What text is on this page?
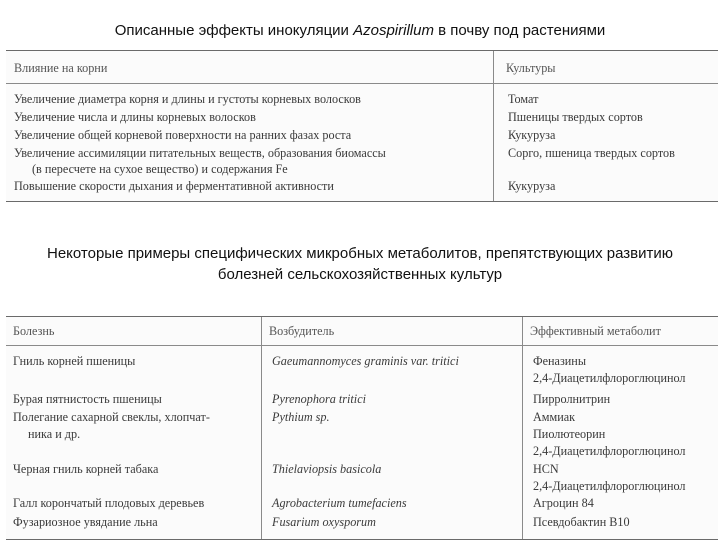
Описанные эффекты инокуляции Azospirillum в почву под растениями
Влияние на корни
Увеличение диаметра корня и длины и густоты корневых волосков
Увеличение числа и длины корневых волосков
Увеличение общей корневой поверхности на ранних фазах роста
Увеличение ассимиляции питательных веществ, образования биомассы
(в пересчете на сухое вещество) и содержания Fe
Повышение скорости дыхания и ферментативной активности
Культуры
Томат
Пшеницы твердых сортов
Кукуруза
Сорго, пшеница твердых сортов
Кукуруза
Некоторые примеры специфических микробных метаболитов, препятствующих развитию
болезней сельскохозяйственных культур
Болезнь
Гниль корней пшеницы
Бурая пятнистость пшеницы
Полегание сахарной свеклы, хлопчат-
ника и др.
Черная гниль корней табака
Галл корончатый плодовых деревьев
Фузариозное увядание льна
Возбудитель
Gaeumannomyces graminis var. tritici
Pyrenophora tritici
Pythium sp.
Thielaviopsis basicola
Agrobacterium tumefaciens
Fusarium oxysporum
Эффективный метаболит
Феназины
2,4-Диацетилфлороглюцинол
Пирролнитрин
Аммиак
Пиолютеорин
2,4-Диацетилфлороглюцинол
HCN
2,4-Диацетилфлороглюцинол
Агроцин 84
Псевдобактин В10
